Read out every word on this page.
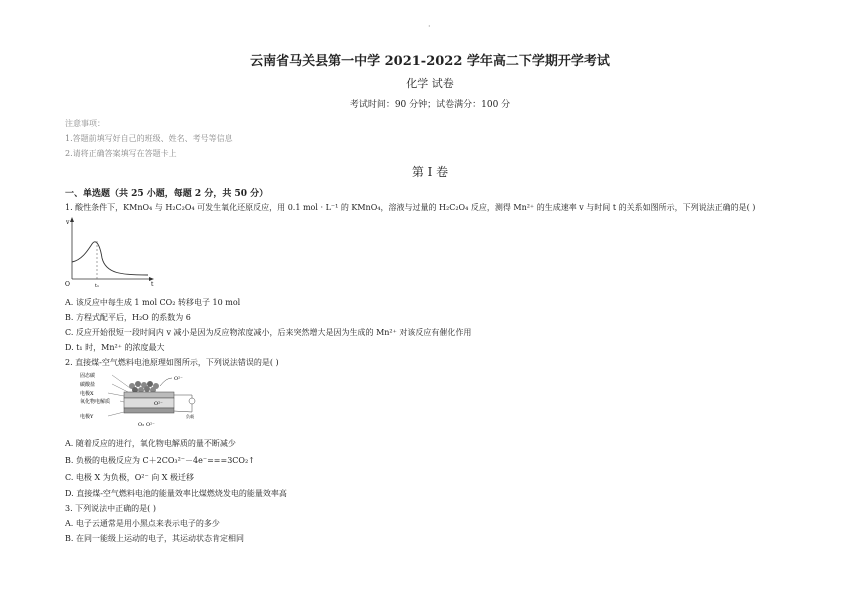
·
云南省马关县第一中学 2021-2022 学年高二下学期开学考试
化学 试卷
考试时间：90 分钟；试卷满分：100 分
注意事项：
1.答题前填写好自己的班级、姓名、考号等信息
2.请将正确答案填写在答题卡上
第 Ⅰ 卷
一、单选题（共 25 小题，每题 2 分，共 50 分）
1. 酸性条件下，KMnO₄ 与 H₂C₂O₄ 可发生氧化还原反应，用 0.1 mol · L⁻¹ 的 KMnO₄，溶液与过量的 H₂C₂O₄ 反应，测得 Mn²⁺ 的生成速率 v 与时间 t 的关系如图所示，下列说法正确的是( )
v
O	t₁	t
A. 该反应中每生成 1 mol CO₂ 转移电子 10 mol
B. 方程式配平后，H₂O 的系数为 6
C. 反应开始很短一段时间内 v 减小是因为反应物浓度减小，后来突然增大是因为生成的 Mn²⁺ 对该反应有催化作用
D. t₁ 时，Mn²⁺ 的浓度最大
2. 直接煤-空气燃料电池原理如图所示，下列说法错误的是( )
固态碳
碳酸盐
电极X
氧化物电解质
电极Y
O²⁻
O²⁻
O₂ O²⁻
负载
A. 随着反应的进行，氧化物电解质的量不断减少
B. 负极的电极反应为 C＋2CO₃²⁻－4e⁻===3CO₂↑
C. 电极 X 为负极，O²⁻ 向 X 极迁移
D. 直接煤-空气燃料电池的能量效率比煤燃烧发电的能量效率高
3. 下列说法中正确的是( )
A. 电子云通常是用小黑点来表示电子的多少
B. 在同一能级上运动的电子，其运动状态肯定相同
